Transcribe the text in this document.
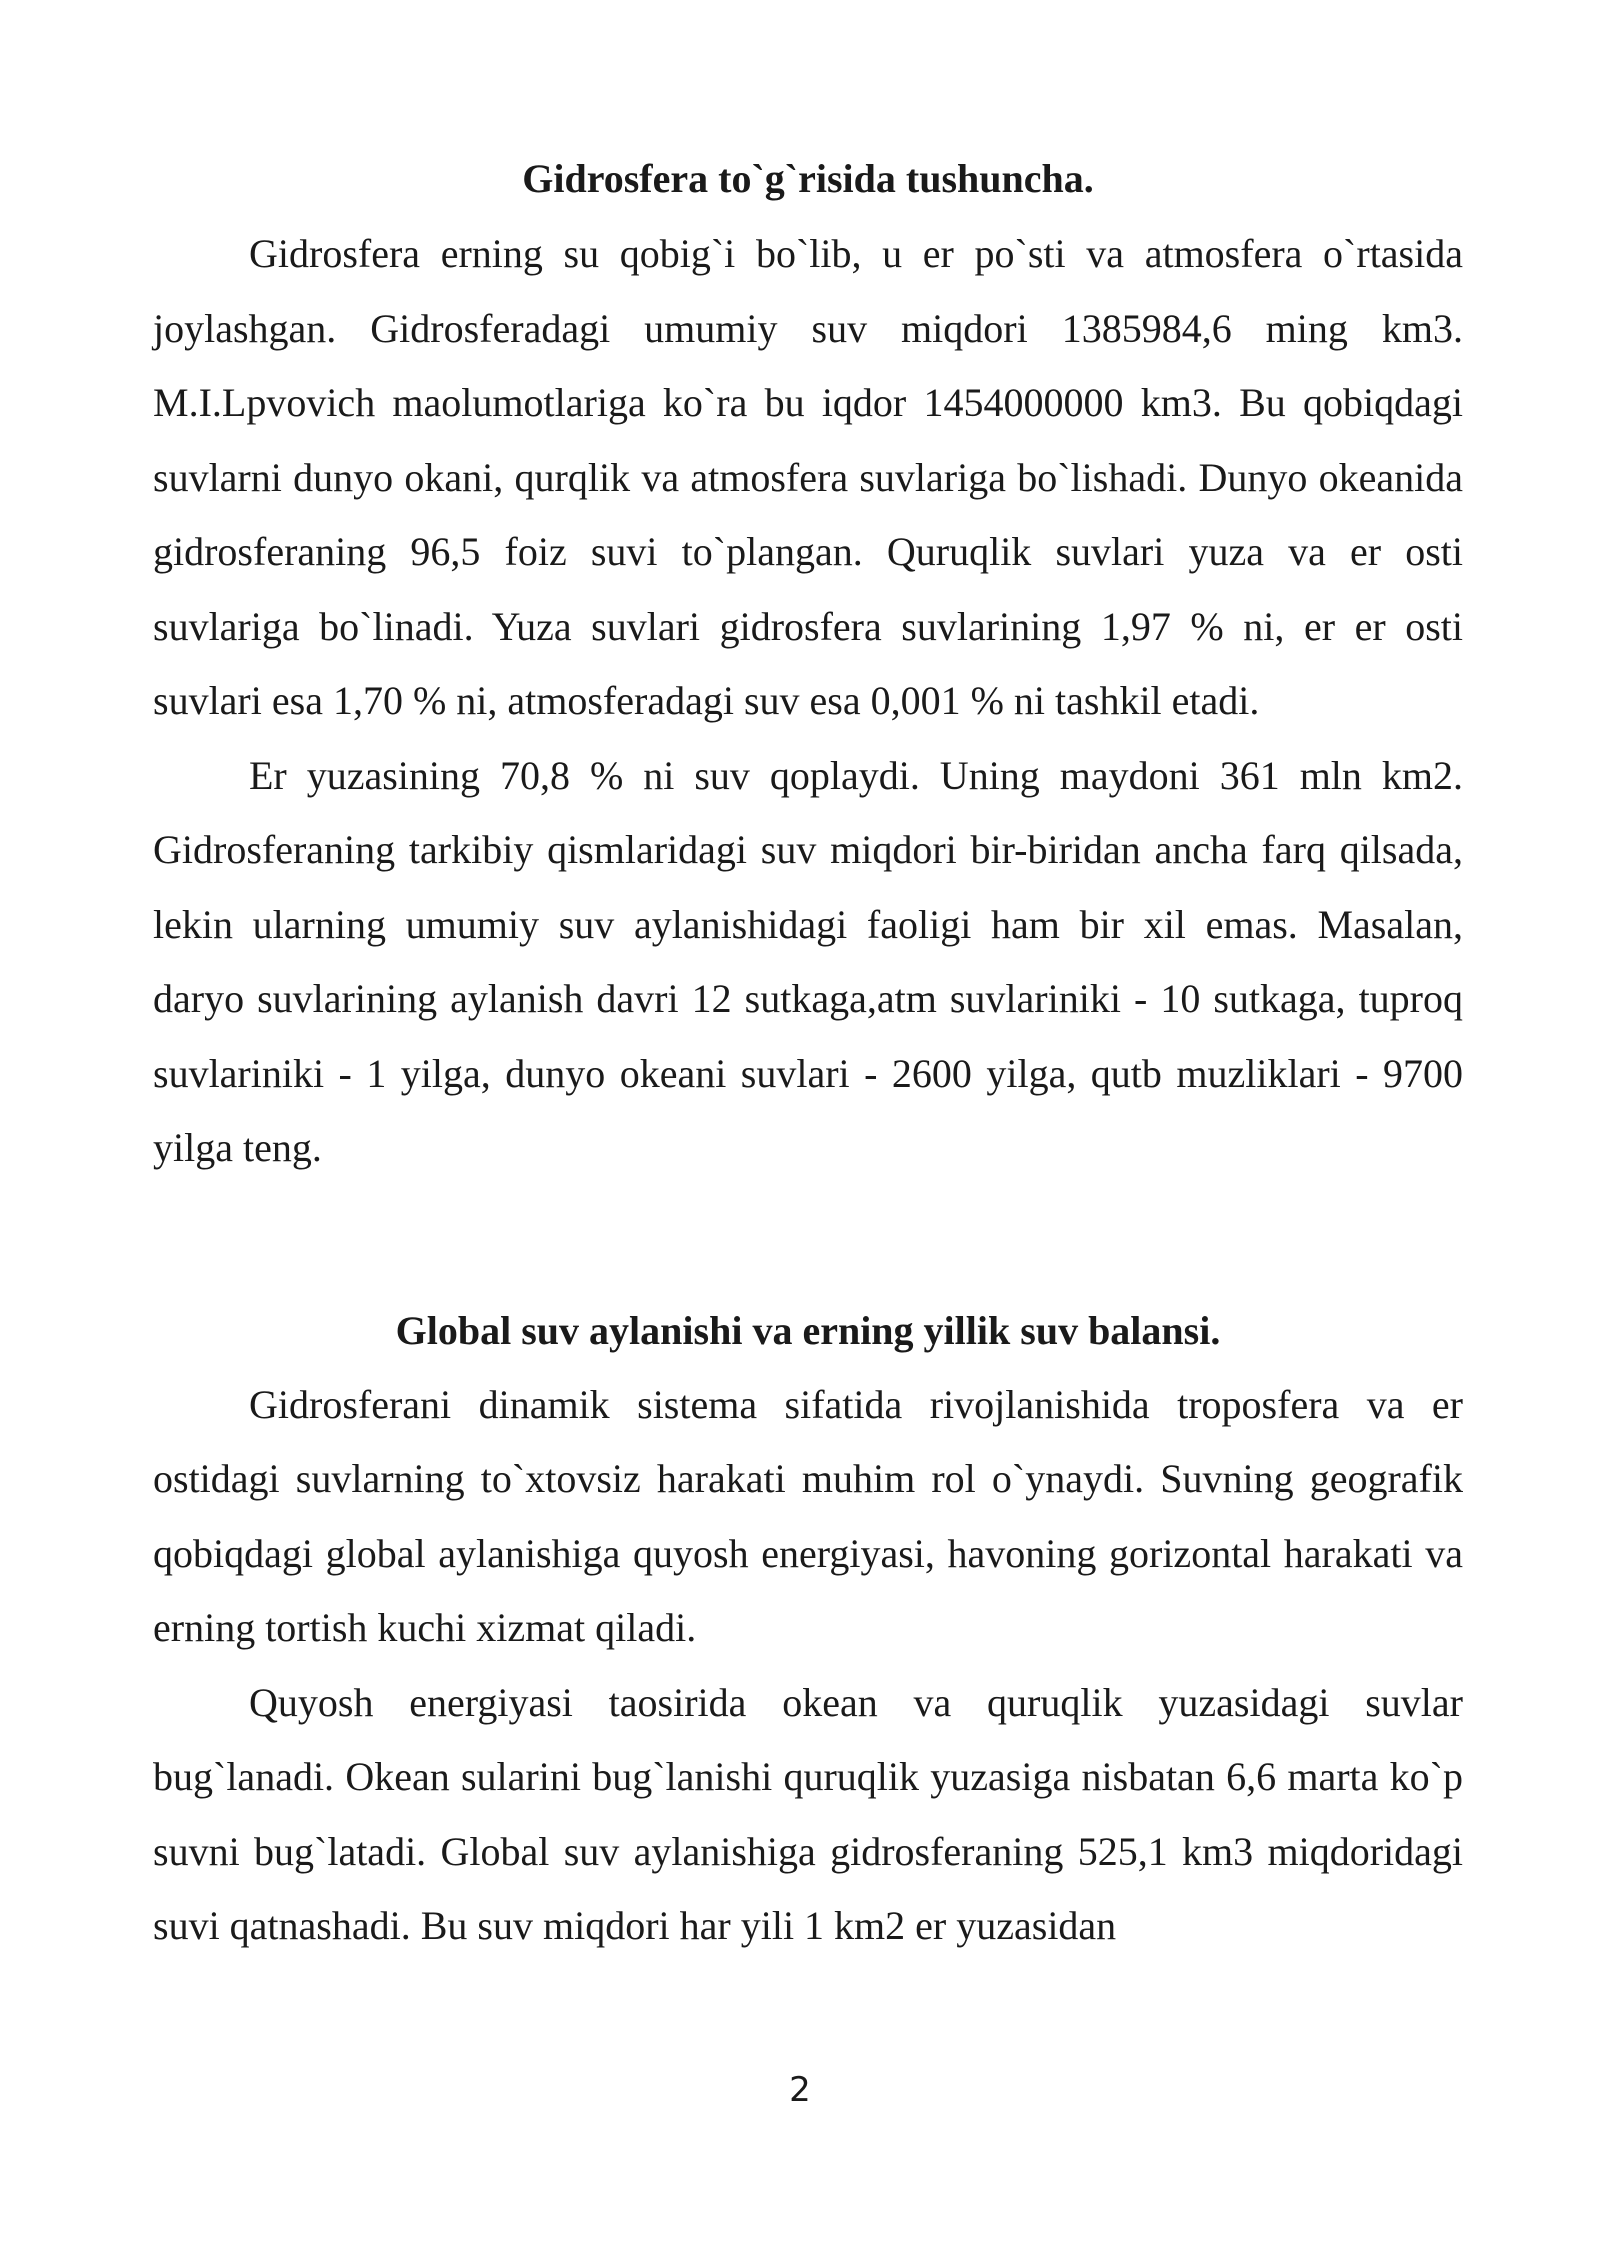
Gidrosfera to`g`risida tushuncha.

Gidrosfera erning su qobig`i bo`lib, u er po`sti va atmosfera o`rtasida joylashgan. Gidrosferadagi umumiy suv miqdori 1385984,6 ming km3. M.I.Lpvovich maolumotlariga ko`ra bu iqdor 1454000000 km3. Bu qobiqdagi suvlarni dunyo okani, qurqlik va atmosfera suvlariga bo`lishadi. Dunyo okeanida gidrosferaning 96,5 foiz suvi to`plangan. Quruqlik suvlari yuza va er osti suvlariga bo`linadi. Yuza suvlari gidrosfera suvlarining 1,97 % ni, er er osti suvlari esa 1,70 % ni, atmosferadagi suv esa 0,001 % ni tashkil etadi.

Er yuzasining 70,8 % ni suv qoplaydi. Uning maydoni 361 mln km2. Gidrosferaning tarkibiy qismlaridagi suv miqdori bir-biridan ancha farq qilsada, lekin ularning umumiy suv aylanishidagi faoligi ham bir xil emas. Masalan, daryo suvlarining aylanish davri 12 sutkaga,atm suvlariniki - 10 sutkaga, tuproq suvlariniki - 1 yilga, dunyo okeani suvlari - 2600 yilga, qutb muzliklari - 9700 yilga teng.

Global suv aylanishi va erning yillik suv balansi.

Gidrosferani dinamik sistema sifatida rivojlanishida troposfera va er ostidagi suvlarning to`xtovsiz harakati muhim rol o`ynaydi. Suvning geografik qobiqdagi global aylanishiga quyosh energiyasi, havoning gorizontal harakati va erning tortish kuchi xizmat qiladi.

Quyosh energiyasi taosirida okean va quruqlik yuzasidagi suvlar bug`lanadi. Okean sularini bug`lanishi quruqlik yuzasiga nisbatan 6,6 marta ko`p suvni bug`latadi. Global suv aylanishiga gidrosferaning 525,1 km3 miqdoridagi suvi qatnashadi. Bu suv miqdori har yili 1 km2 er yuzasidan

2
